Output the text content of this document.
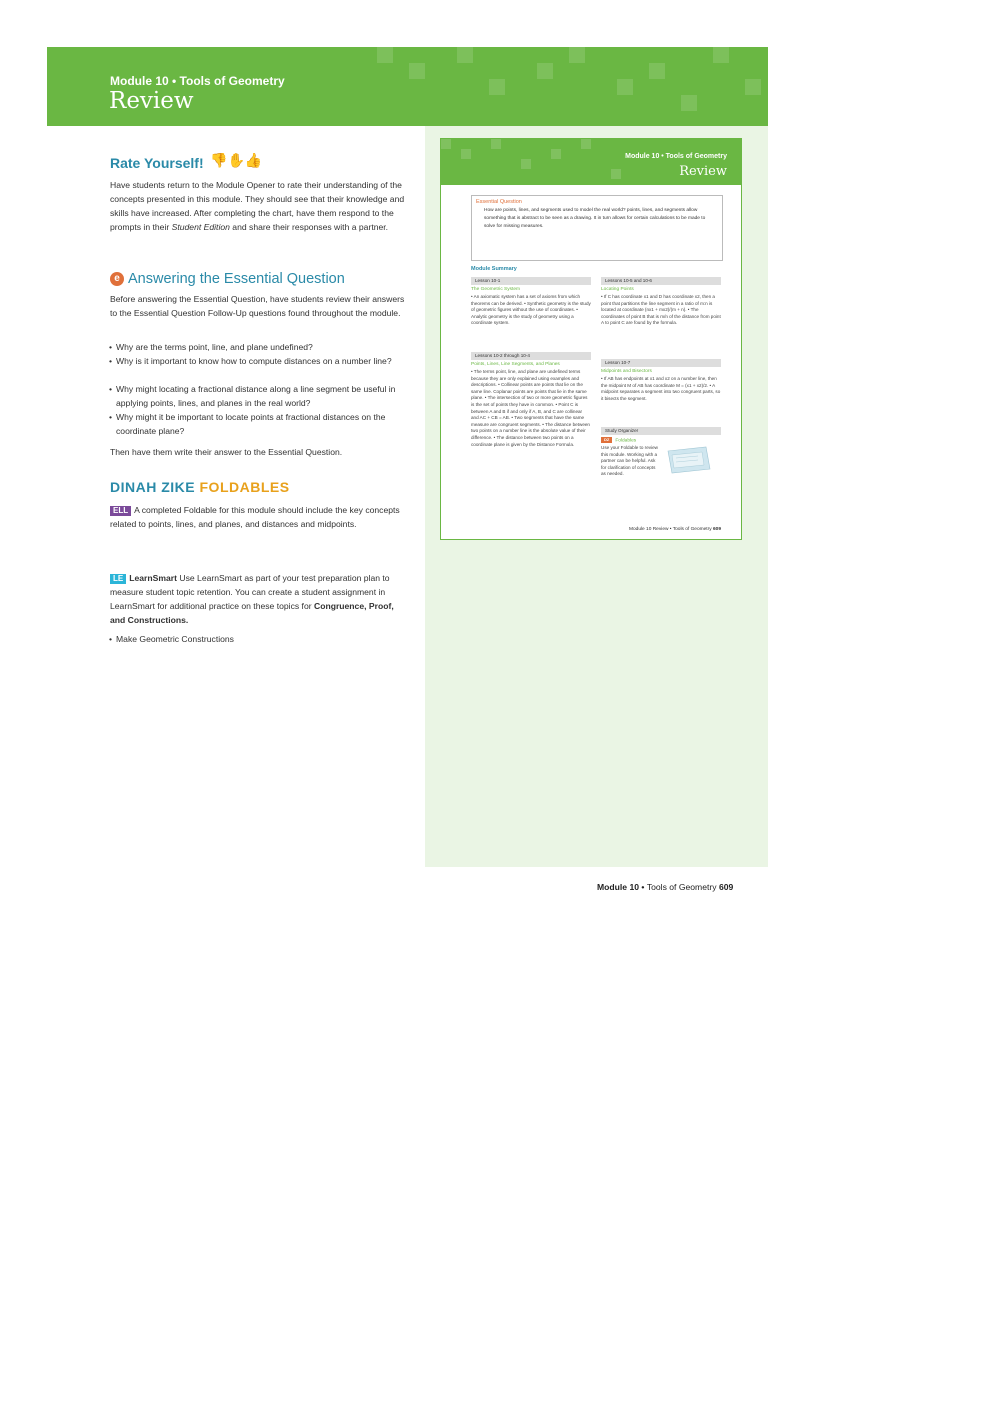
Module 10 • Tools of Geometry
Review
Rate Yourself! 👎✋👍

Have students return to the Module Opener to rate their understanding of the concepts presented in this module. They should see that their knowledge and skills have increased. After completing the chart, have them respond to the prompts in their Student Edition and share their responses with a partner.

e Answering the Essential Question

Before answering the Essential Question, have students review their answers to the Essential Question Follow-Up questions found throughout the module.

• Why are the terms point, line, and plane undefined?
• Why is it important to know how to compute distances on a number line?
• Why might locating a fractional distance along a line segment be useful in applying points, lines, and planes in the real world?
• Why might it be important to locate points at fractional distances on the coordinate plane?

Then have them write their answer to the Essential Question.

DINAH ZIKE FOLDABLES

ELL A completed Foldable for this module should include the key concepts related to points, lines, and planes, and distances and midpoints.

LE LearnSmart Use LearnSmart as part of your test preparation plan to measure student topic retention. You can create a student assignment in LearnSmart for additional practice on these topics for Congruence, Proof, and Constructions.

• Make Geometric Constructions
Module 10 • Tools of Geometry
Review
Essential Question
How are points, lines, and segments used to model the real world? points, lines, and segments allow something that is abstract to be seen as a drawing. It in turn allows for certain calculations to be made to solve for missing measures.
Module Summary
Lesson 10-1
The Geometric System
• An axiomatic system has a set of axioms from which theorems can be derived. • Synthetic geometry is the study of geometric figures without the use of coordinates. • Analytic geometry is the study of geometry using a coordinate system.
Lessons 10-2 through 10-4
Points, Lines, Line Segments, and Planes
• The terms point, line, and plane are undefined terms because they are only explained using examples and descriptions. • Collinear points are points that lie on the same line. Coplanar points are points that lie in the same plane. • The intersection of two or more geometric figures is the set of points they have in common. • Point C is between A and B if and only if A, B, and C are collinear and AC + CB = AB. • Two segments that have the same measure are congruent segments. • The distance between two points on a number line is the absolute value of their difference. • The distance between two points on a coordinate plane is given by the Distance Formula.
Lessons 10-5 and 10-6
Locating Points
• If C has coordinate x1 and D has coordinate x2, then a point that partitions the line segment in a ratio of m:n is located at coordinate (nx1 + mx2)/(m + n). • The coordinates of point B that is m/n of the distance from point A to point C are found by the formula.
Lesson 10-7
Midpoints and Bisectors
• If AB has endpoints at x1 and x2 on a number line, then the midpoint M of AB has coordinate M = (x1 + x2)/2. • A midpoint separates a segment into two congruent parts, so it bisects the segment.
Study Organizer
DZ Foldables
Use your Foldable to review this module. Working with a partner can be helpful. Ask for clarification of concepts as needed.
Module 10 Review • Tools of Geometry 609
Module 10 • Tools of Geometry 609
